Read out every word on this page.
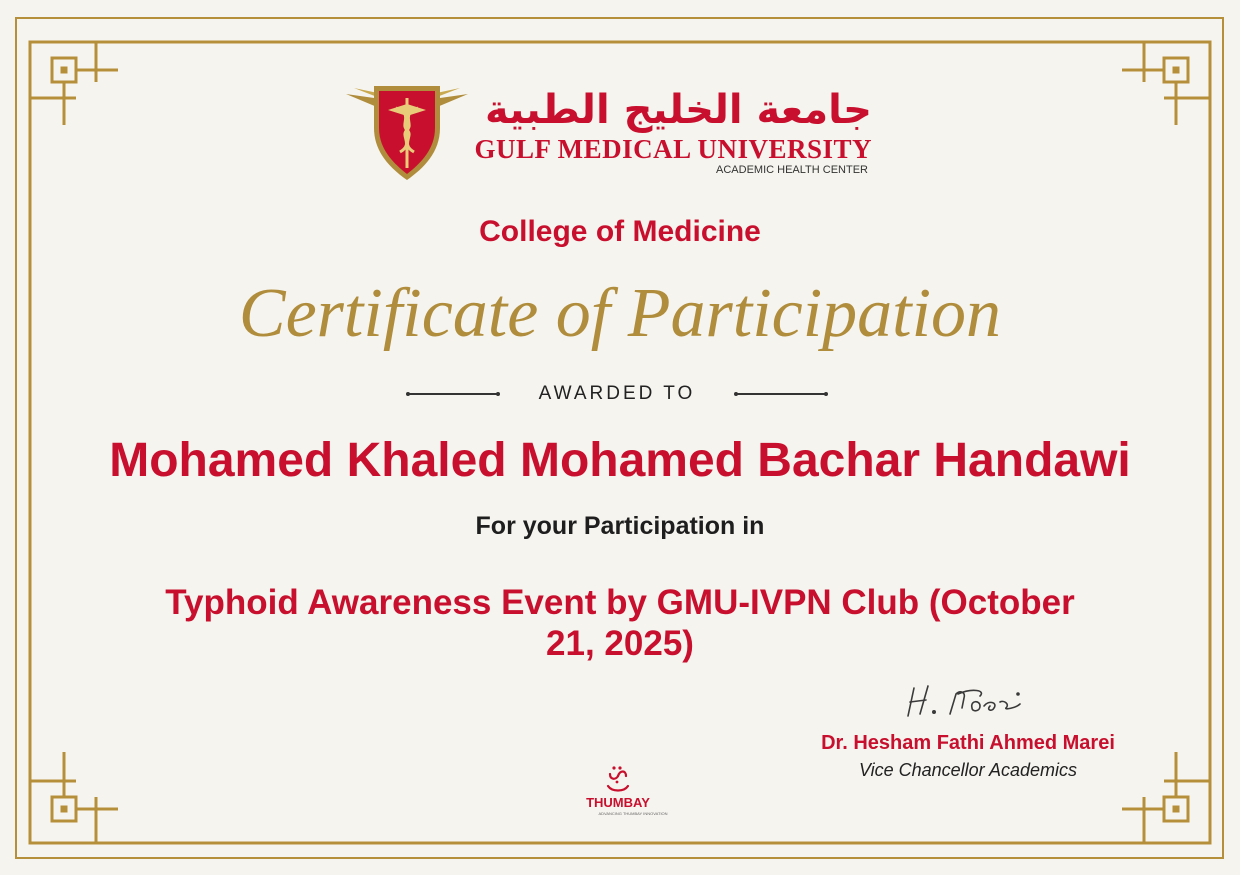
جامعة الخليج الطبية
GULF MEDICAL UNIVERSITY
ACADEMIC HEALTH CENTER
College of Medicine
Certificate of Participation
AWARDED TO
Mohamed Khaled Mohamed Bachar Handawi
For your Participation in
Typhoid Awareness Event by GMU-IVPN Club (October 21, 2025)
Dr. Hesham Fathi Ahmed Marei
Vice Chancellor Academics
THUMBAY
ADVANCING THUMBAY INNOVATION
